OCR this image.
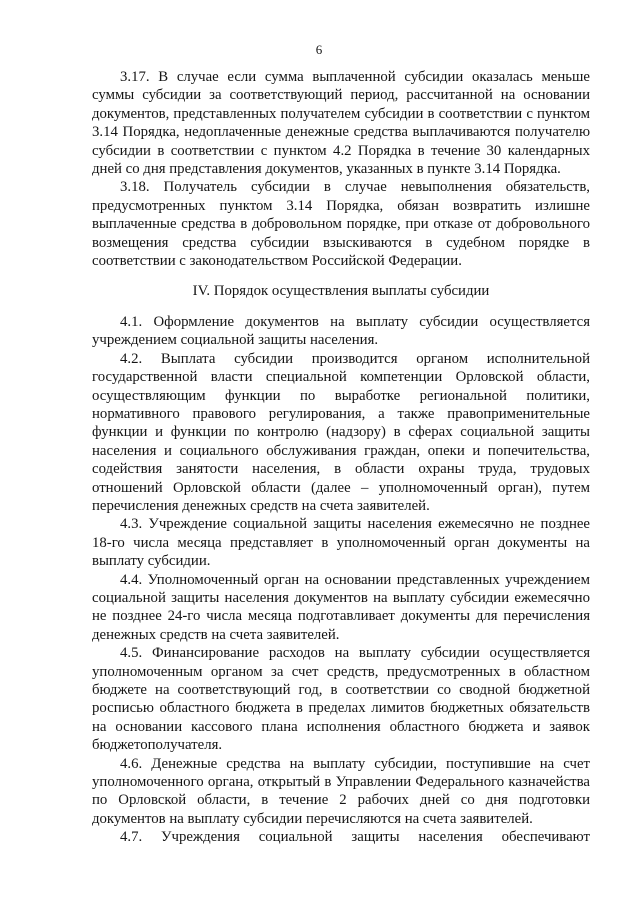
6

3.17. В случае если сумма выплаченной субсидии оказалась меньше суммы субсидии за соответствующий период, рассчитанной на основании документов, представленных получателем субсидии в соответствии с пунктом 3.14 Порядка, недоплаченные денежные средства выплачиваются получателю субсидии в соответствии с пунктом 4.2 Порядка в течение 30 календарных дней со дня представления документов, указанных в пункте 3.14 Порядка.

3.18. Получатель субсидии в случае невыполнения обязательств, предусмотренных пунктом 3.14 Порядка, обязан возвратить излишне выплаченные средства в добровольном порядке, при отказе от добровольного возмещения средства субсидии взыскиваются в судебном порядке в соответствии с законодательством Российской Федерации.

IV. Порядок осуществления выплаты субсидии

4.1. Оформление документов на выплату субсидии осуществляется учреждением социальной защиты населения.

4.2. Выплата субсидии производится органом исполнительной государственной власти специальной компетенции Орловской области, осуществляющим функции по выработке региональной политики, нормативного правового регулирования, а также правоприменительные функции и функции по контролю (надзору) в сферах социальной защиты населения и социального обслуживания граждан, опеки и попечительства, содействия занятости населения, в области охраны труда, трудовых отношений Орловской области (далее – уполномоченный орган), путем перечисления денежных средств на счета заявителей.

4.3. Учреждение социальной защиты населения ежемесячно не позднее 18-го числа месяца представляет в уполномоченный орган документы на выплату субсидии.

4.4. Уполномоченный орган на основании представленных учреждением социальной защиты населения документов на выплату субсидии ежемесячно не позднее 24-го числа месяца подготавливает документы для перечисления денежных средств на счета заявителей.

4.5. Финансирование расходов на выплату субсидии осуществляется уполномоченным органом за счет средств, предусмотренных в областном бюджете на соответствующий год, в соответствии со сводной бюджетной росписью областного бюджета в пределах лимитов бюджетных обязательств на основании кассового плана исполнения областного бюджета и заявок бюджетополучателя.

4.6. Денежные средства на выплату субсидии, поступившие на счет уполномоченного органа, открытый в Управлении Федерального казначейства по Орловской области, в течение 2 рабочих дней со дня подготовки документов на выплату субсидии перечисляются на счета заявителей.

4.7. Учреждения социальной защиты населения обеспечивают
